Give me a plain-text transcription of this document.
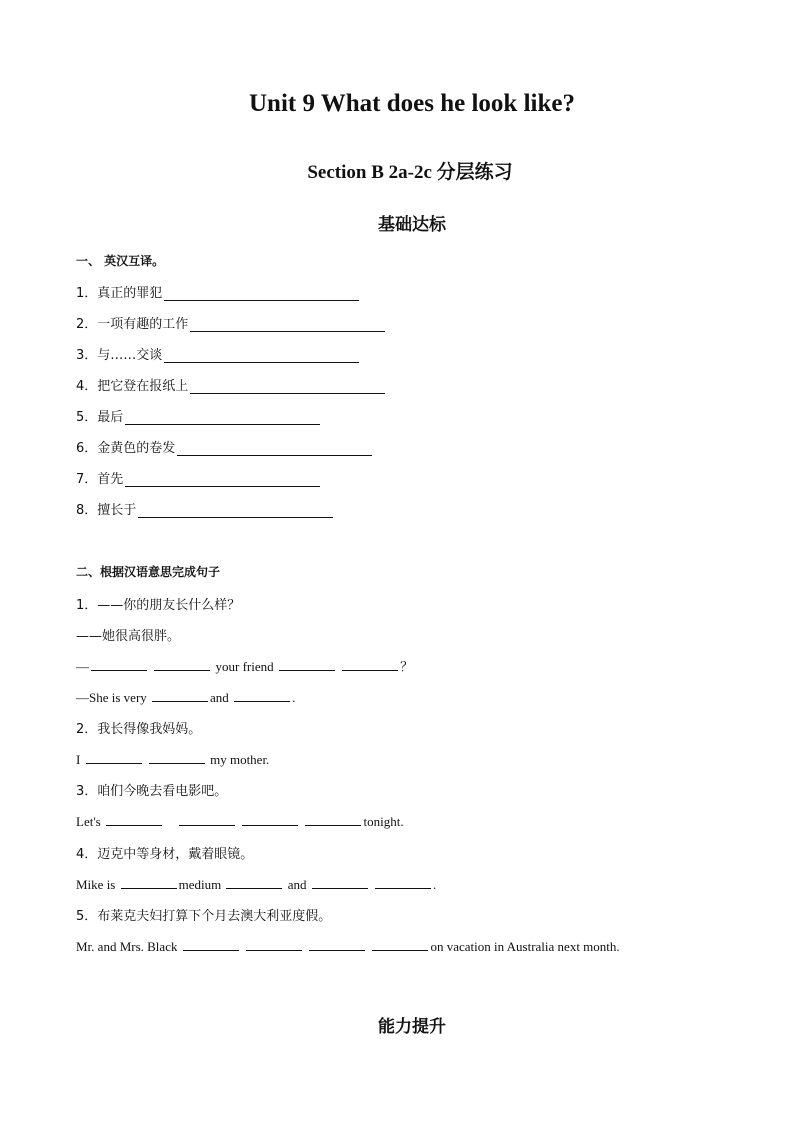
Unit 9 What does he look like?
Section B 2a-2c 分层练习
基础达标
一、 英汉互译。
1．真正的罪犯
2．一项有趣的工作
3．与……交谈
4．把它登在报纸上
5．最后
6．金黄色的卷发
7．首先
8．擅长于
二、根据汉语意思完成句子
1．——你的朋友长什么样？
——她很高很胖。
—	your friend	？
—She is very	and	.
2．我长得像我妈妈。
I	my mother.
3．咱们今晚去看电影吧。
Let's	tonight.
4．迈克中等身材，戴着眼镜。
Mike is	medium	and	.
5．布莱克夫妇打算下个月去澳大利亚度假。
Mr. and Mrs. Black	on vacation in Australia next month.
能力提升
